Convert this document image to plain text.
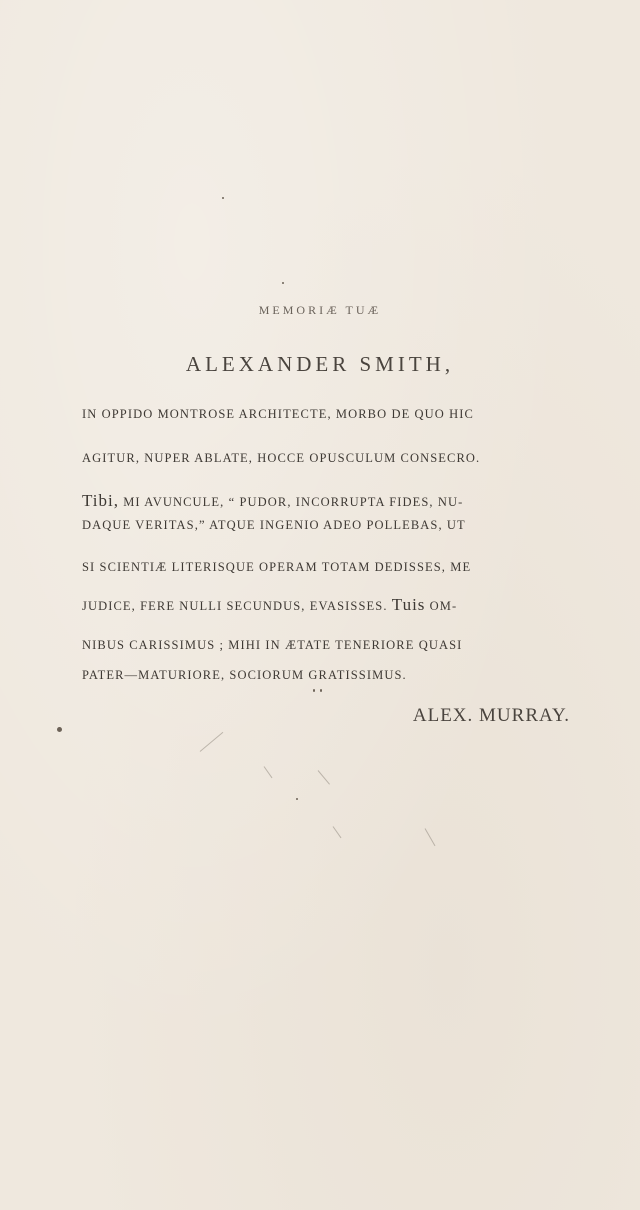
MEMORIÆ TUÆ
ALEXANDER SMITH,
IN OPPIDO MONTROSE ARCHITECTE, MORBO DE QUO HIC
AGITUR, NUPER ABLATE, HOCCE OPUSCULUM CONSECRO.
Tibi, MI AVUNCULE, “ PUDOR, INCORRUPTA FIDES, NU-
DAQUE VERITAS,” ATQUE INGENIO ADEO POLLEBAS, UT
SI SCIENTIÆ LITERISQUE OPERAM TOTAM DEDISSES, ME
JUDICE, FERE NULLI SECUNDUS, EVASISSES. Tuis OM-
NIBUS CARISSIMUS ; MIHI IN ÆTATE TENERIORE QUASI
PATER—MATURIORE, SOCIORUM GRATISSIMUS.
ALEX. MURRAY.
